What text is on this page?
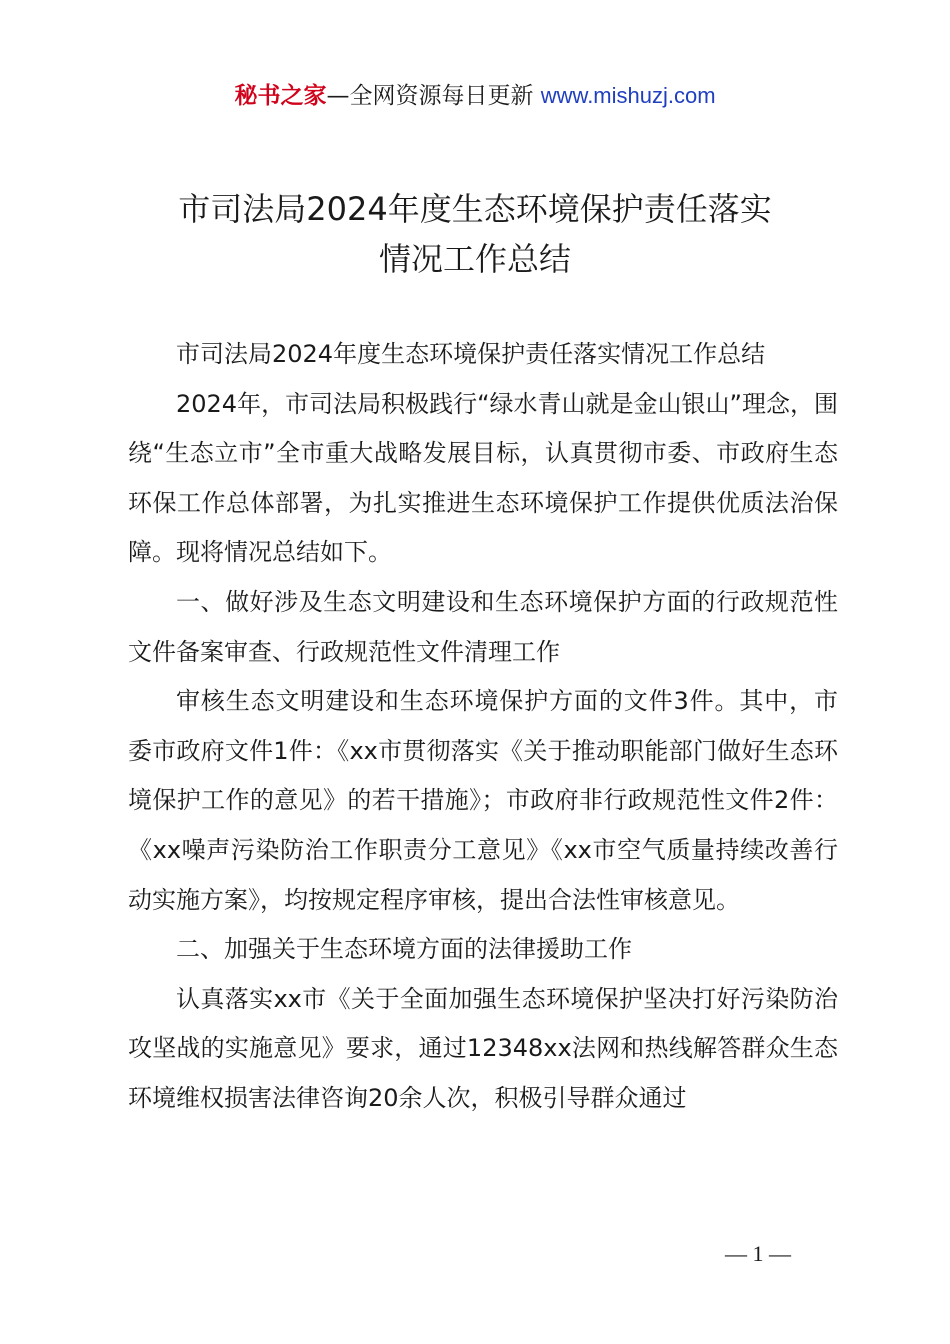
秘书之家—全网资源每日更新 www.mishuzj.com
市司法局2024年度生态环境保护责任落实
情况工作总结

市司法局2024年度生态环境保护责任落实情况工作总结

2024年，市司法局积极践行“绿水青山就是金山银山”理念，围绕“生态立市”全市重大战略发展目标，认真贯彻市委、市政府生态环保工作总体部署，为扎实推进生态环境保护工作提供优质法治保障。现将情况总结如下。

一、做好涉及生态文明建设和生态环境保护方面的行政规范性文件备案审查、行政规范性文件清理工作

审核生态文明建设和生态环境保护方面的文件3件。其中，市委市政府文件1件：《xx市贯彻落实《关于推动职能部门做好生态环境保护工作的意见》的若干措施》；市政府非行政规范性文件2件：《xx噪声污染防治工作职责分工意见》《xx市空气质量持续改善行动实施方案》，均按规定程序审核，提出合法性审核意见。

二、加强关于生态环境方面的法律援助工作

认真落实xx市《关于全面加强生态环境保护坚决打好污染防治攻坚战的实施意见》要求，通过12348xx法网和热线解答群众生态环境维权损害法律咨询20余人次，积极引导群众通过

— 1 —
